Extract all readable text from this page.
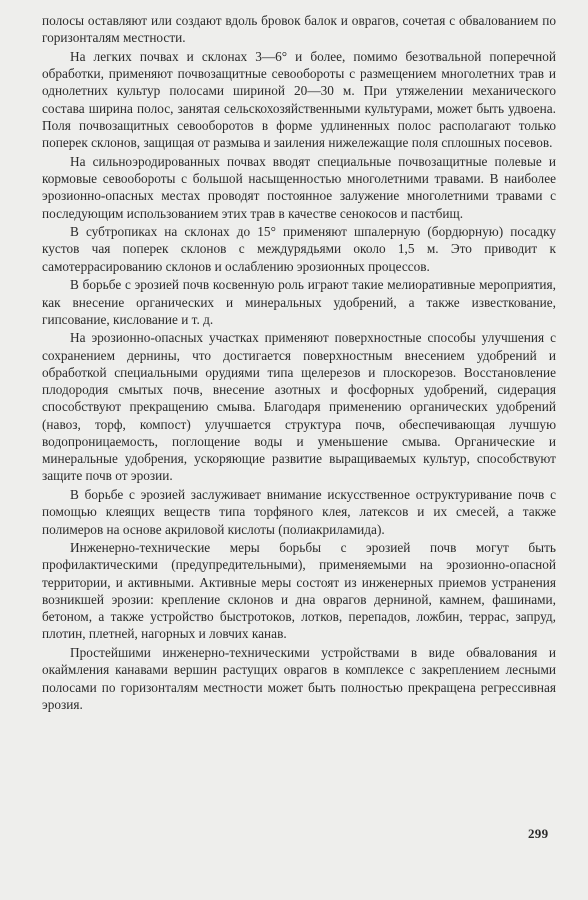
полосы оставляют или создают вдоль бровок балок и оврагов, сочетая с обвалованием по горизонталям местности.

На легких почвах и склонах 3—6° и более, помимо безотвальной поперечной обработки, применяют почвозащитные севообороты с размещением многолетних трав и однолетних культур полосами шириной 20—30 м. При утяжелении механического состава ширина полос, занятая сельскохозяйственными культурами, может быть удвоена. Поля почвозащитных севооборотов в форме удлиненных полос располагают только поперек склонов, защищая от размыва и заиления нижележащие поля сплошных посевов.

На сильноэродированных почвах вводят специальные почвозащитные полевые и кормовые севообороты с большой насыщенностью многолетними травами. В наиболее эрозионно-опасных местах проводят постоянное залужение многолетними травами с последующим использованием этих трав в качестве сенокосов и пастбищ.

В субтропиках на склонах до 15° применяют шпалерную (бордюрную) посадку кустов чая поперек склонов с междурядьями около 1,5 м. Это приводит к самотеррасированию склонов и ослаблению эрозионных процессов.

В борьбе с эрозией почв косвенную роль играют такие мелиоративные мероприятия, как внесение органических и минеральных удобрений, а также известкование, гипсование, кислование и т. д.

На эрозионно-опасных участках применяют поверхностные способы улучшения с сохранением дернины, что достигается поверхностным внесением удобрений и обработкой специальными орудиями типа щелерезов и плоскорезов. Восстановление плодородия смытых почв, внесение азотных и фосфорных удобрений, сидерация способствуют прекращению смыва. Благодаря применению органических удобрений (навоз, торф, компост) улучшается структура почв, обеспечивающая лучшую водопроницаемость, поглощение воды и уменьшение смыва. Органические и минеральные удобрения, ускоряющие развитие выращиваемых культур, способствуют защите почв от эрозии.

В борьбе с эрозией заслуживает внимание искусственное оструктуривание почв с помощью клеящих веществ типа торфяного клея, латексов и их смесей, а также полимеров на основе акриловой кислоты (полиакриламида).

Инженерно-технические меры борьбы с эрозией почв могут быть профилактическими (предупредительными), применяемыми на эрозионно-опасной территории, и активными. Активные меры состоят из инженерных приемов устранения возникшей эрозии: крепление склонов и дна оврагов дерниной, камнем, фашинами, бетоном, а также устройство быстротоков, лотков, перепадов, ложбин, террас, запруд, плотин, плетней, нагорных и ловчих канав.

Простейшими инженерно-техническими устройствами в виде обвалования и окаймления канавами вершин растущих оврагов в комплексе с закреплением лесными полосами по горизонталям местности может быть полностью прекращена регрессивная эрозия.

299
